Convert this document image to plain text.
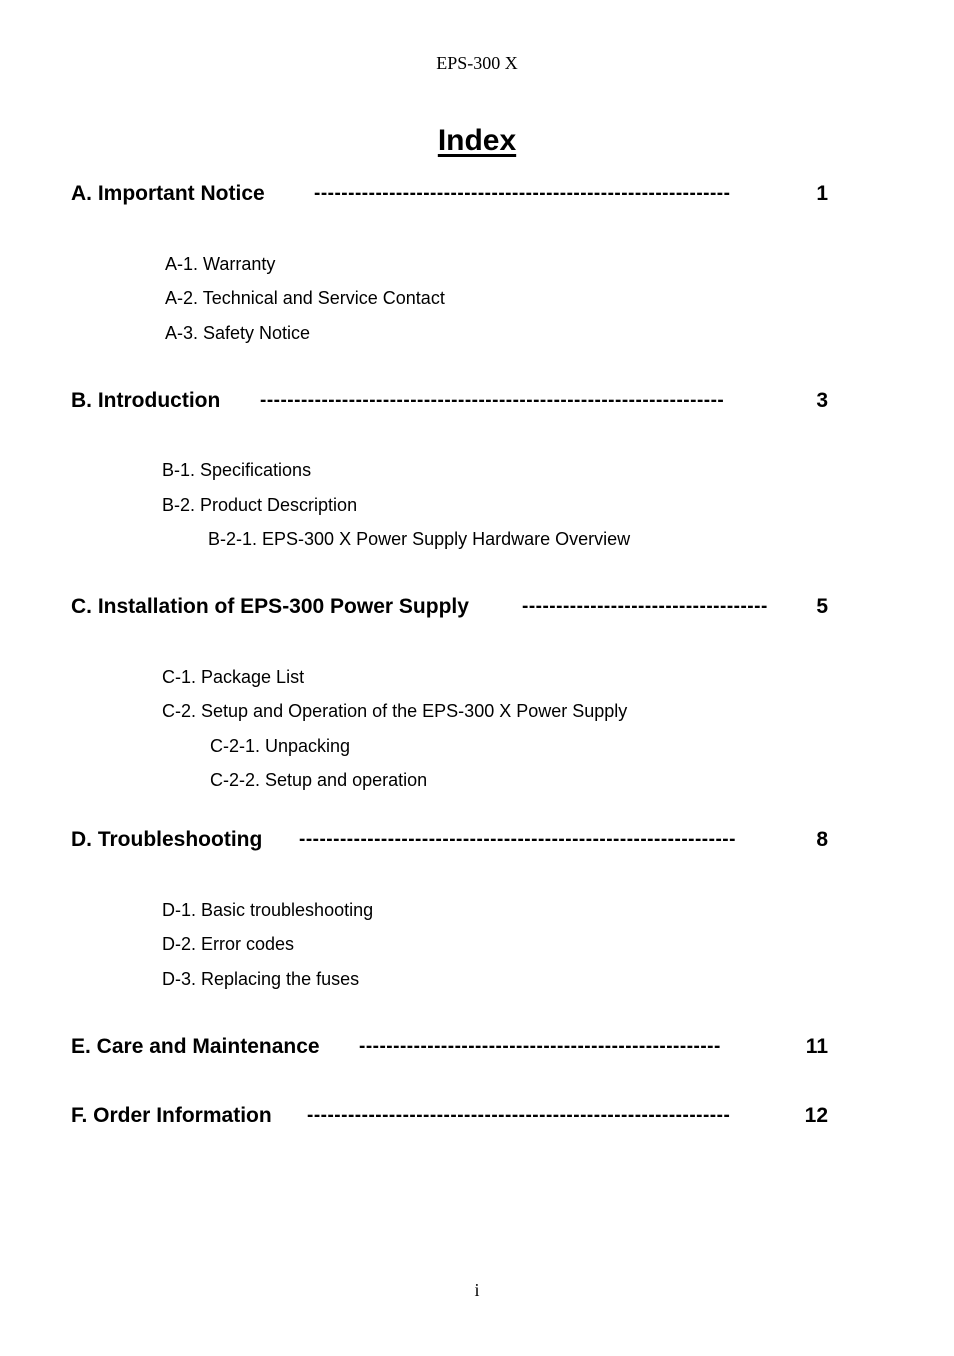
EPS-300 X
Index
A. Important Notice	-------------------------------------------------------------	1
A-1. Warranty
A-2. Technical and Service Contact
A-3. Safety Notice
B. Introduction --------------------------------------------------------------------	3
B-1. Specifications
B-2. Product Description
B-2-1. EPS-300 X Power Supply Hardware Overview
C. Installation of EPS-300 Power Supply	------------------------------------	5
C-1. Package List
C-2. Setup and Operation of the EPS-300 X Power Supply
C-2-1. Unpacking
C-2-2. Setup and operation
D. Troubleshooting ----------------------------------------------------------------	8
D-1. Basic troubleshooting
D-2. Error codes
D-3. Replacing the fuses
E. Care and Maintenance -----------------------------------------------------	11
F. Order Information --------------------------------------------------------------	12
i
